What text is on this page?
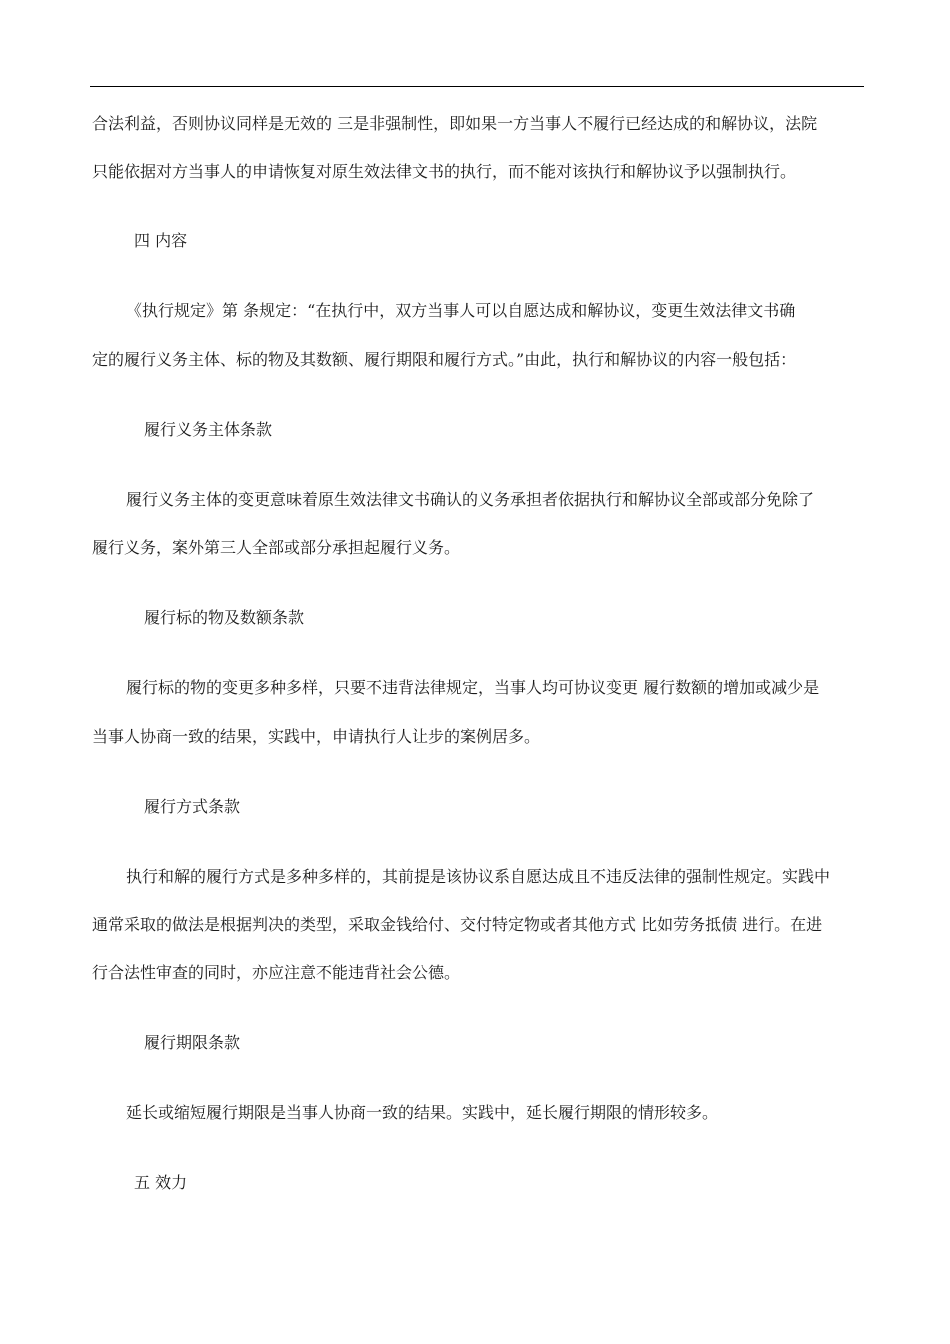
合法利益，否则协议同样是无效的 三是非强制性，即如果一方当事人不履行已经达成的和解协议，法院
只能依据对方当事人的申请恢复对原生效法律文书的执行，而不能对该执行和解协议予以强制执行。
四 内容
《执行规定》第 条规定：“在执行中，双方当事人可以自愿达成和解协议，变更生效法律文书确
定的履行义务主体、标的物及其数额、履行期限和履行方式。”由此，执行和解协议的内容一般包括：
履行义务主体条款
履行义务主体的变更意味着原生效法律文书确认的义务承担者依据执行和解协议全部或部分免除了
履行义务，案外第三人全部或部分承担起履行义务。
履行标的物及数额条款
履行标的物的变更多种多样，只要不违背法律规定，当事人均可协议变更 履行数额的增加或减少是
当事人协商一致的结果，实践中，申请执行人让步的案例居多。
履行方式条款
执行和解的履行方式是多种多样的，其前提是该协议系自愿达成且不违反法律的强制性规定。实践中
通常采取的做法是根据判决的类型，采取金钱给付、交付特定物或者其他方式 比如劳务抵债 进行。在进
行合法性审查的同时，亦应注意不能违背社会公德。
履行期限条款
延长或缩短履行期限是当事人协商一致的结果。实践中，延长履行期限的情形较多。
五 效力
